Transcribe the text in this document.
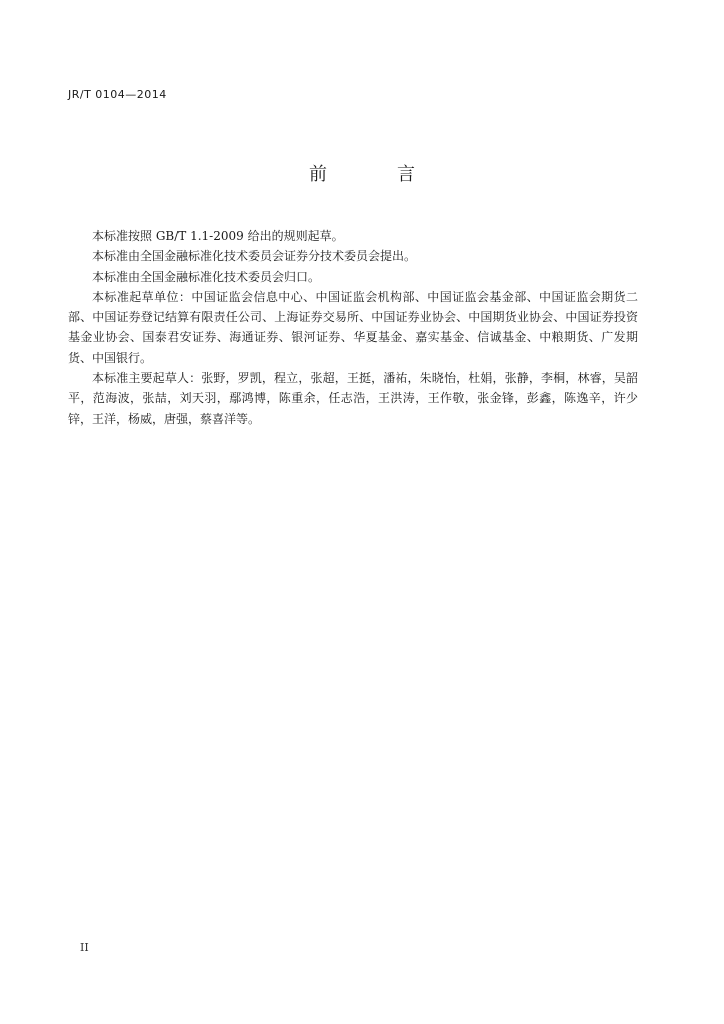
JR/T 0104—2014
前　言

本标准按照 GB/T 1.1-2009 给出的规则起草。

本标准由全国金融标准化技术委员会证券分技术委员会提出。

本标准由全国金融标准化技术委员会归口。

本标准起草单位：中国证监会信息中心、中国证监会机构部、中国证监会基金部、中国证监会期货二部、中国证券登记结算有限责任公司、上海证券交易所、中国证券业协会、中国期货业协会、中国证券投资基金业协会、国泰君安证券、海通证券、银河证券、华夏基金、嘉实基金、信诚基金、中粮期货、广发期货、中国银行。

本标准主要起草人：张野，罗凯，程立，张超，王挺，潘祐，朱晓怡，杜娟，张静，李桐，林睿，吴韶平，范海波，张喆，刘天羽，鄢鸿博，陈重余，任志浩，王洪涛，王作敬，张金锋，彭鑫，陈逸辛，许少锌，王洋，杨威，唐强，蔡喜洋等。

II
